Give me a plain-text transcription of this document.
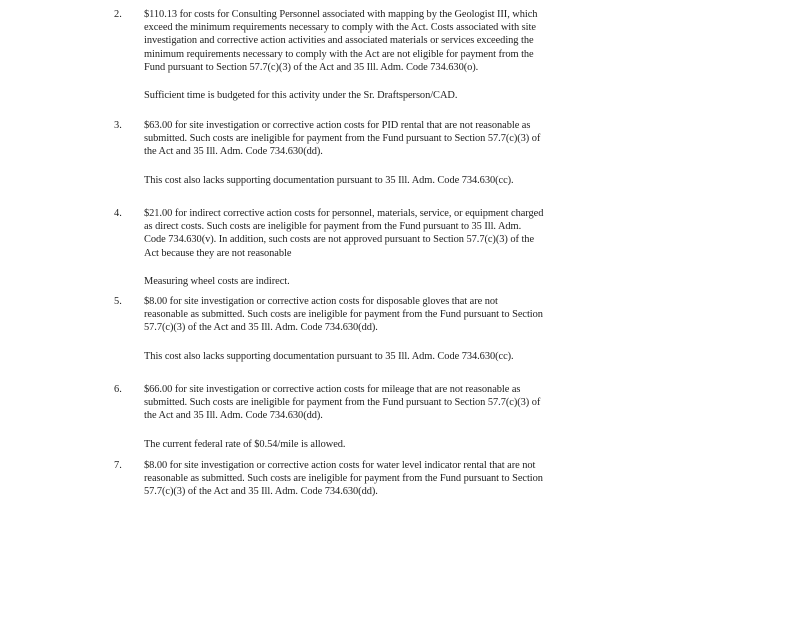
2.	$110.13 for costs for Consulting Personnel associated with mapping by the Geologist III, which exceed the minimum requirements necessary to comply with the Act. Costs associated with site investigation and corrective action activities and associated materials or services exceeding the minimum requirements necessary to comply with the Act are not eligible for payment from the Fund pursuant to Section 57.7(c)(3) of the Act and 35 Ill. Adm. Code 734.630(o).

Sufficient time is budgeted for this activity under the Sr. Draftsperson/CAD.

3.	$63.00 for site investigation or corrective action costs for PID rental that are not reasonable as submitted. Such costs are ineligible for payment from the Fund pursuant to Section 57.7(c)(3) of the Act and 35 Ill. Adm. Code 734.630(dd).

This cost also lacks supporting documentation pursuant to 35 Ill. Adm. Code 734.630(cc).

4.	$21.00 for indirect corrective action costs for personnel, materials, service, or equipment charged as direct costs. Such costs are ineligible for payment from the Fund pursuant to 35 Ill. Adm. Code 734.630(v). In addition, such costs are not approved pursuant to Section 57.7(c)(3) of the Act because they are not reasonable

Measuring wheel costs are indirect.

5.	$8.00 for site investigation or corrective action costs for disposable gloves that are not reasonable as submitted. Such costs are ineligible for payment from the Fund pursuant to Section 57.7(c)(3) of the Act and 35 Ill. Adm. Code 734.630(dd).

This cost also lacks supporting documentation pursuant to 35 Ill. Adm. Code 734.630(cc).

6.	$66.00 for site investigation or corrective action costs for mileage that are not reasonable as submitted. Such costs are ineligible for payment from the Fund pursuant to Section 57.7(c)(3) of the Act and 35 Ill. Adm. Code 734.630(dd).

The current federal rate of $0.54/mile is allowed.

7.	$8.00 for site investigation or corrective action costs for water level indicator rental that are not reasonable as submitted. Such costs are ineligible for payment from the Fund pursuant to Section 57.7(c)(3) of the Act and 35 Ill. Adm. Code 734.630(dd).
